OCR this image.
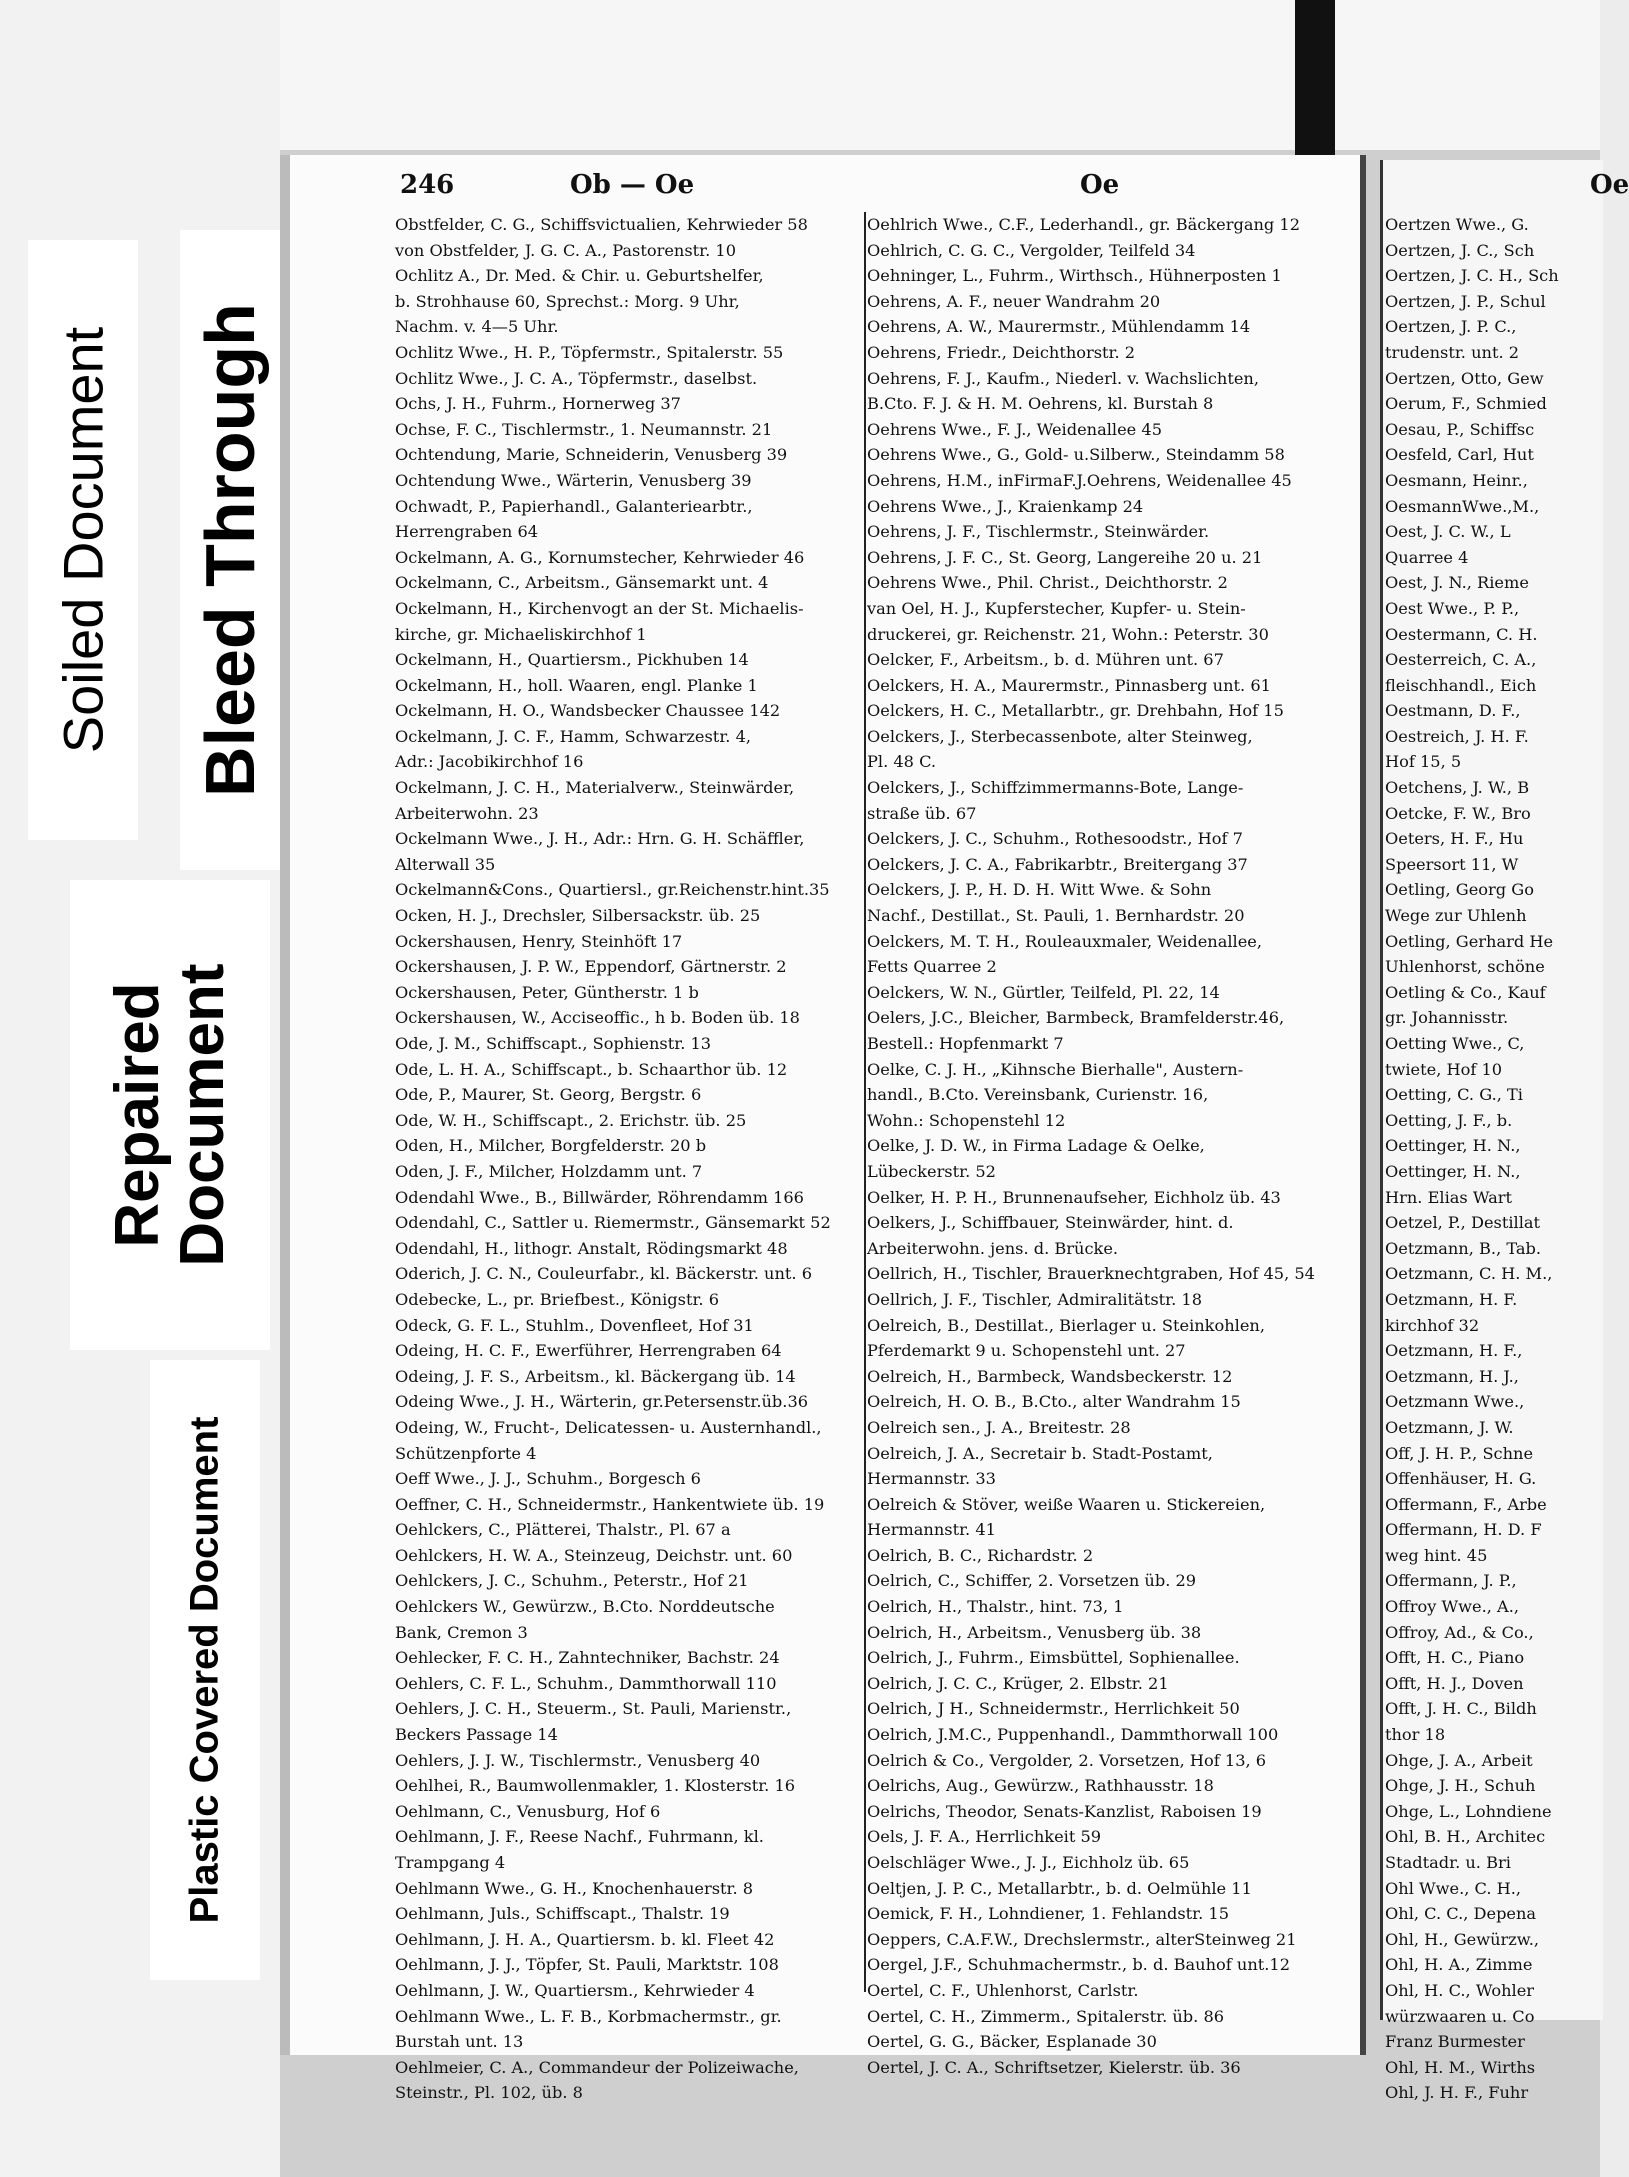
Soiled Document Bleed Through
Repaired
Document
Plastic Covered Document
246	Ob — Oe	Oe	Oe
Obstfelder, C. G., Schiffsvictualien, Kehrwieder 58
von Obstfelder, J. G. C. A., Pastorenstr. 10
Ochlitz A., Dr. Med. & Chir. u. Geburtshelfer,
b. Strohhause 60, Sprechst.: Morg. 9 Uhr,
Nachm. v. 4—5 Uhr.
Ochlitz Wwe., H. P., Töpfermstr., Spitalerstr. 55
Ochlitz Wwe., J. C. A., Töpfermstr., daselbst.
Ochs, J. H., Fuhrm., Hornerweg 37
Ochse, F. C., Tischlermstr., 1. Neumannstr. 21
Ochtendung, Marie, Schneiderin, Venusberg 39
Ochtendung Wwe., Wärterin, Venusberg 39
Ochwadt, P., Papierhandl., Galanteriearbtr.,
Herrengraben 64
Ockelmann, A. G., Kornumstecher, Kehrwieder 46
Ockelmann, C., Arbeitsm., Gänsemarkt unt. 4
Ockelmann, H., Kirchenvogt an der St. Michaelis-
kirche, gr. Michaeliskirchhof 1
Ockelmann, H., Quartiersm., Pickhuben 14
Ockelmann, H., holl. Waaren, engl. Planke 1
Ockelmann, H. O., Wandsbecker Chaussee 142
Ockelmann, J. C. F., Hamm, Schwarzestr. 4,
Adr.: Jacobikirchhof 16
Ockelmann, J. C. H., Materialverw., Steinwärder,
Arbeiterwohn. 23
Ockelmann Wwe., J. H., Adr.: Hrn. G. H. Schäffler,
Alterwall 35
Ockelmann&Cons., Quartiersl., gr.Reichenstr.hint.35
Ocken, H. J., Drechsler, Silbersackstr. üb. 25
Ockershausen, Henry, Steinhöft 17
Ockershausen, J. P. W., Eppendorf, Gärtnerstr. 2
Ockershausen, Peter, Güntherstr. 1 b
Ockershausen, W., Acciseoffic., h b. Boden üb. 18
Ode, J. M., Schiffscapt., Sophienstr. 13
Ode, L. H. A., Schiffscapt., b. Schaarthor üb. 12
Ode, P., Maurer, St. Georg, Bergstr. 6
Ode, W. H., Schiffscapt., 2. Erichstr. üb. 25
Oden, H., Milcher, Borgfelderstr. 20 b
Oden, J. F., Milcher, Holzdamm unt. 7
Odendahl Wwe., B., Billwärder, Röhrendamm 166
Odendahl, C., Sattler u. Riemermstr., Gänsemarkt 52
Odendahl, H., lithogr. Anstalt, Rödingsmarkt 48
Oderich, J. C. N., Couleurfabr., kl. Bäckerstr. unt. 6
Odebecke, L., pr. Briefbest., Königstr. 6
Odeck, G. F. L., Stuhlm., Dovenfleet, Hof 31
Odeing, H. C. F., Ewerführer, Herrengraben 64
Odeing, J. F. S., Arbeitsm., kl. Bäckergang üb. 14
Odeing Wwe., J. H., Wärterin, gr.Petersenstr.üb.36
Odeing, W., Frucht-, Delicatessen- u. Austernhandl.,
Schützenpforte 4
Oeff Wwe., J. J., Schuhm., Borgesch 6
Oeffner, C. H., Schneidermstr., Hankentwiete üb. 19
Oehlckers, C., Plätterei, Thalstr., Pl. 67 a
Oehlckers, H. W. A., Steinzeug, Deichstr. unt. 60
Oehlckers, J. C., Schuhm., Peterstr., Hof 21
Oehlckers W., Gewürzw., B.Cto. Norddeutsche
Bank, Cremon 3
Oehlecker, F. C. H., Zahntechniker, Bachstr. 24
Oehlers, C. F. L., Schuhm., Dammthorwall 110
Oehlers, J. C. H., Steuerm., St. Pauli, Marienstr.,
Beckers Passage 14
Oehlers, J. J. W., Tischlermstr., Venusberg 40
Oehlhei, R., Baumwollenmakler, 1. Klosterstr. 16
Oehlmann, C., Venusburg, Hof 6
Oehlmann, J. F., Reese Nachf., Fuhrmann, kl.
Trampgang 4
Oehlmann Wwe., G. H., Knochenhauerstr. 8
Oehlmann, Juls., Schiffscapt., Thalstr. 19
Oehlmann, J. H. A., Quartiersm. b. kl. Fleet 42
Oehlmann, J. J., Töpfer, St. Pauli, Marktstr. 108
Oehlmann, J. W., Quartiersm., Kehrwieder 4
Oehlmann Wwe., L. F. B., Korbmachermstr., gr.
Burstah unt. 13
Oehlmeier, C. A., Commandeur der Polizeiwache,
Steinstr., Pl. 102, üb. 8
Oehlrich Wwe., C.F., Lederhandl., gr. Bäckergang 12
Oehlrich, C. G. C., Vergolder, Teilfeld 34
Oehninger, L., Fuhrm., Wirthsch., Hühnerposten 1
Oehrens, A. F., neuer Wandrahm 20
Oehrens, A. W., Maurermstr., Mühlendamm 14
Oehrens, Friedr., Deichthorstr. 2
Oehrens, F. J., Kaufm., Niederl. v. Wachslichten,
B.Cto. F. J. & H. M. Oehrens, kl. Burstah 8
Oehrens Wwe., F. J., Weidenallee 45
Oehrens Wwe., G., Gold- u.Silberw., Steindamm 58
Oehrens, H.M., inFirmaF.J.Oehrens, Weidenallee 45
Oehrens Wwe., J., Kraienkamp 24
Oehrens, J. F., Tischlermstr., Steinwärder.
Oehrens, J. F. C., St. Georg, Langereihe 20 u. 21
Oehrens Wwe., Phil. Christ., Deichthorstr. 2
van Oel, H. J., Kupferstecher, Kupfer- u. Stein-
druckerei, gr. Reichenstr. 21, Wohn.: Peterstr. 30
Oelcker, F., Arbeitsm., b. d. Mühren unt. 67
Oelckers, H. A., Maurermstr., Pinnasberg unt. 61
Oelckers, H. C., Metallarbtr., gr. Drehbahn, Hof 15
Oelckers, J., Sterbecassenbote, alter Steinweg,
Pl. 48 C.
Oelckers, J., Schiffzimmermanns-Bote, Lange-
straße üb. 67
Oelckers, J. C., Schuhm., Rothesoodstr., Hof 7
Oelckers, J. C. A., Fabrikarbtr., Breitergang 37
Oelckers, J. P., H. D. H. Witt Wwe. & Sohn
Nachf., Destillat., St. Pauli, 1. Bernhardstr. 20
Oelckers, M. T. H., Rouleauxmaler, Weidenallee,
Fetts Quarree 2
Oelckers, W. N., Gürtler, Teilfeld, Pl. 22, 14
Oelers, J.C., Bleicher, Barmbeck, Bramfelderstr.46,
Bestell.: Hopfenmarkt 7
Oelke, C. J. H., „Kihnsche Bierhalle", Austern-
handl., B.Cto. Vereinsbank, Curienstr. 16,
Wohn.: Schopenstehl 12
Oelke, J. D. W., in Firma Ladage & Oelke,
Lübeckerstr. 52
Oelker, H. P. H., Brunnenaufseher, Eichholz üb. 43
Oelkers, J., Schiffbauer, Steinwärder, hint. d.
Arbeiterwohn. jens. d. Brücke.
Oellrich, H., Tischler, Brauerknechtgraben, Hof 45, 54
Oellrich, J. F., Tischler, Admiralitätstr. 18
Oelreich, B., Destillat., Bierlager u. Steinkohlen,
Pferdemarkt 9 u. Schopenstehl unt. 27
Oelreich, H., Barmbeck, Wandsbeckerstr. 12
Oelreich, H. O. B., B.Cto., alter Wandrahm 15
Oelreich sen., J. A., Breitestr. 28
Oelreich, J. A., Secretair b. Stadt-Postamt,
Hermannstr. 33
Oelreich & Stöver, weiße Waaren u. Stickereien,
Hermannstr. 41
Oelrich, B. C., Richardstr. 2
Oelrich, C., Schiffer, 2. Vorsetzen üb. 29
Oelrich, H., Thalstr., hint. 73, 1
Oelrich, H., Arbeitsm., Venusberg üb. 38
Oelrich, J., Fuhrm., Eimsbüttel, Sophienallee.
Oelrich, J. C. C., Krüger, 2. Elbstr. 21
Oelrich, J H., Schneidermstr., Herrlichkeit 50
Oelrich, J.M.C., Puppenhandl., Dammthorwall 100
Oelrich & Co., Vergolder, 2. Vorsetzen, Hof 13, 6
Oelrichs, Aug., Gewürzw., Rathhausstr. 18
Oelrichs, Theodor, Senats-Kanzlist, Raboisen 19
Oels, J. F. A., Herrlichkeit 59
Oelschläger Wwe., J. J., Eichholz üb. 65
Oeltjen, J. P. C., Metallarbtr., b. d. Oelmühle 11
Oemick, F. H., Lohndiener, 1. Fehlandstr. 15
Oeppers, C.A.F.W., Drechslermstr., alterSteinweg 21
Oergel, J.F., Schuhmachermstr., b. d. Bauhof unt.12
Oertel, C. F., Uhlenhorst, Carlstr.
Oertel, C. H., Zimmerm., Spitalerstr. üb. 86
Oertel, G. G., Bäcker, Esplanade 30
Oertel, J. C. A., Schriftsetzer, Kielerstr. üb. 36
Oertzen Wwe., G.
Oertzen, J. C., Sch
Oertzen, J. C. H., Sch
Oertzen, J. P., Schul
Oertzen, J. P. C.,
trudenstr. unt. 2
Oertzen, Otto, Gew
Oerum, F., Schmied
Oesau, P., Schiffsc
Oesfeld, Carl, Hut
Oesmann, Heinr.,
OesmannWwe.,M.,
Oest, J. C. W., L
Quarree 4
Oest, J. N., Rieme
Oest Wwe., P. P.,
Oestermann, C. H.
Oesterreich, C. A.,
fleischhandl., Eich
Oestmann, D. F.,
Oestreich, J. H. F.
Hof 15, 5
Oetchens, J. W., B
Oetcke, F. W., Bro
Oeters, H. F., Hu
Speersort 11, W
Oetling, Georg Go
Wege zur Uhlenh
Oetling, Gerhard He
Uhlenhorst, schöne
Oetling & Co., Kauf
gr. Johannisstr.
Oetting Wwe., C,
twiete, Hof 10
Oetting, C. G., Ti
Oetting, J. F., b.
Oettinger, H. N.,
Oettinger, H. N.,
Hrn. Elias Wart
Oetzel, P., Destillat
Oetzmann, B., Tab.
Oetzmann, C. H. M.,
Oetzmann, H. F.
kirchhof 32
Oetzmann, H. F.,
Oetzmann, H. J.,
Oetzmann Wwe.,
Oetzmann, J. W.
Off, J. H. P., Schne
Offenhäuser, H. G.
Offermann, F., Arbe
Offermann, H. D. F
weg hint. 45
Offermann, J. P.,
Offroy Wwe., A.,
Offroy, Ad., & Co.,
Offt, H. C., Piano
Offt, H. J., Doven
Offt, J. H. C., Bildh
thor 18
Ohge, J. A., Arbeit
Ohge, J. H., Schuh
Ohge, L., Lohndiene
Ohl, B. H., Architec
Stadtadr. u. Bri
Ohl Wwe., C. H.,
Ohl, C. C., Depena
Ohl, H., Gewürzw.,
Ohl, H. A., Zimme
Ohl, H. C., Wohler
würzwaaren u. Co
Franz Burmester
Ohl, H. M., Wirths
Ohl, J. H. F., Fuhr
